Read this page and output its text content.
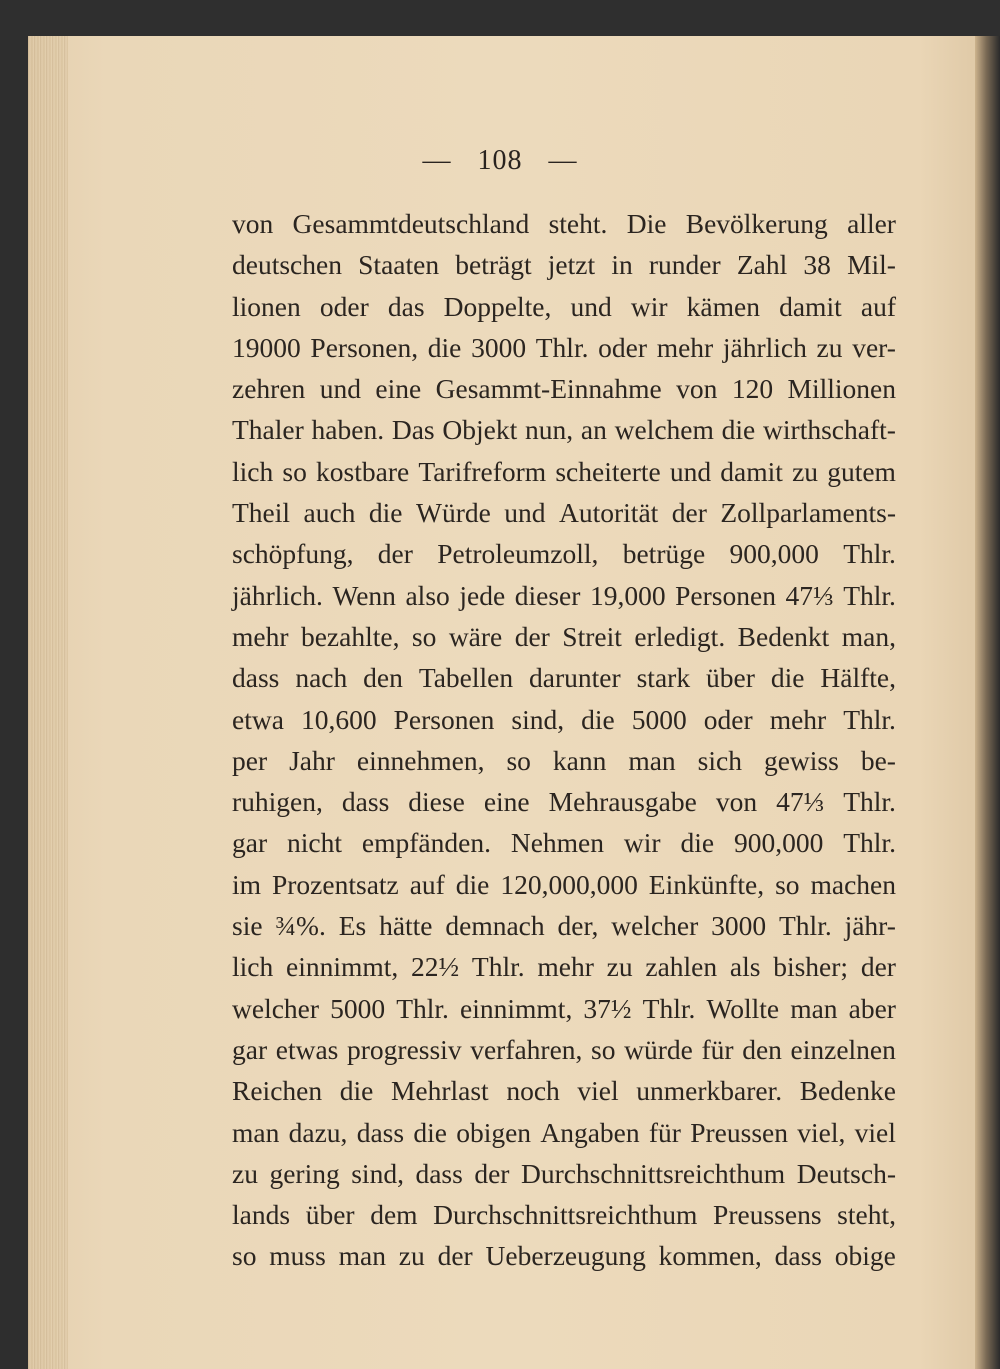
— 108 —
von Gesammtdeutschland steht. Die Bevölkerung aller
deutschen Staaten beträgt jetzt in runder Zahl 38 Mil-
lionen oder das Doppelte, und wir kämen damit auf
19000 Personen, die 3000 Thlr. oder mehr jährlich zu ver-
zehren und eine Gesammt-Einnahme von 120 Millionen
Thaler haben. Das Objekt nun, an welchem die wirthschaft-
lich so kostbare Tarifreform scheiterte und damit zu gutem
Theil auch die Würde und Autorität der Zollparlaments-
schöpfung, der Petroleumzoll, betrüge 900,000 Thlr.
jährlich. Wenn also jede dieser 19,000 Personen 47⅓ Thlr.
mehr bezahlte, so wäre der Streit erledigt. Bedenkt man,
dass nach den Tabellen darunter stark über die Hälfte,
etwa 10,600 Personen sind, die 5000 oder mehr Thlr.
per Jahr einnehmen, so kann man sich gewiss be-
ruhigen, dass diese eine Mehrausgabe von 47⅓ Thlr.
gar nicht empfänden. Nehmen wir die 900,000 Thlr.
im Prozentsatz auf die 120,000,000 Einkünfte, so machen
sie ¾%. Es hätte demnach der, welcher 3000 Thlr. jähr-
lich einnimmt, 22½ Thlr. mehr zu zahlen als bisher; der
welcher 5000 Thlr. einnimmt, 37½ Thlr. Wollte man aber
gar etwas progressiv verfahren, so würde für den einzelnen
Reichen die Mehrlast noch viel unmerkbarer. Bedenke
man dazu, dass die obigen Angaben für Preussen viel, viel
zu gering sind, dass der Durchschnittsreichthum Deutsch-
lands über dem Durchschnittsreichthum Preussens steht,
so muss man zu der Ueberzeugung kommen, dass obige
